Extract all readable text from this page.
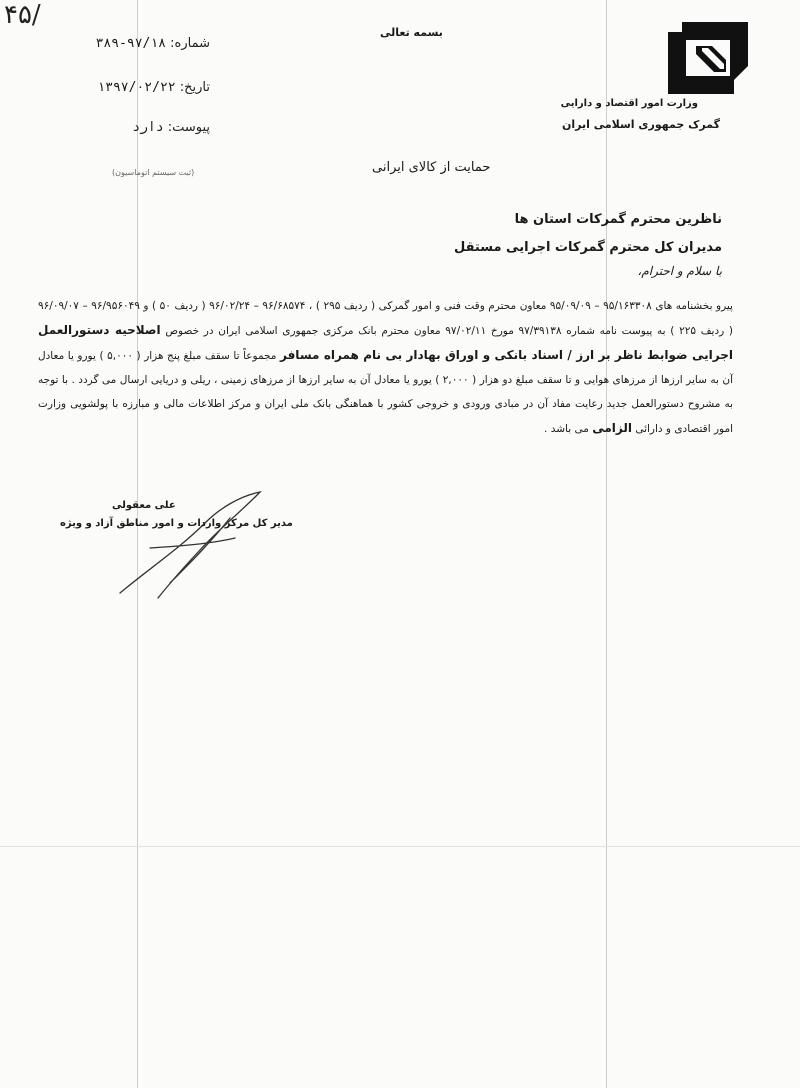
۴۵/
بسمه تعالی
وزارت امور اقتصاد و دارایی
گمرک جمهوری اسلامی ایران
شماره: ۹۷/۱۸-۳۸۹
تاریخ: ۱۳۹۷/۰۲/۲۲
پیوست: دارد
(ثبت سیستم اتوماسیون)	حمایت از کالای ایرانی
ناظرین محترم گمرکات استان ها
مدیران کل محترم گمرکات اجرایی مستقل
با سلام و احترام،
پیرو بخشنامه های ۹۵/۱۶۳۳۰۸ – ۹۵/۰۹/۰۹ معاون محترم وقت فنی و امور گمرکی ( ردیف ۲۹۵ ) ، ۹۶/۶۸۵۷۴ – ۹۶/۰۲/۲۴ ( ردیف ۵۰ ) و ۹۶/۹۵۶۰۴۹ – ۹۶/۰۹/۰۷ ( ردیف ۲۲۵ ) به پیوست نامه شماره ۹۷/۳۹۱۳۸ مورخ ۹۷/۰۲/۱۱ معاون محترم بانک مرکزی جمهوری اسلامی ایران در خصوص اصلاحیه دستورالعمل اجرایی ضوابط ناظر بر ارز / اسناد بانکی و اوراق بهادار بی نام همراه مسافر مجموعاً تا سقف مبلغ پنج هزار ( ۵,۰۰۰ ) یورو یا معادل آن به سایر ارزها از مرزهای هوایی و تا سقف مبلغ دو هزار ( ۲,۰۰۰ ) یورو یا معادل آن به سایر ارزها از مرزهای زمینی ، ریلی و دریایی ارسال می گردد . با توجه به مشروح دستورالعمل جدید رعایت مفاد آن در مبادی ورودی و خروجی کشور با هماهنگی بانک ملی ایران و مرکز اطلاعات مالی و مبارزه با پولشویی وزارت امور اقتصادی و دارائی الزامی می باشد .
علی معقولی
مدیر کل مرکز واردات و امور مناطق آزاد و ویژه
